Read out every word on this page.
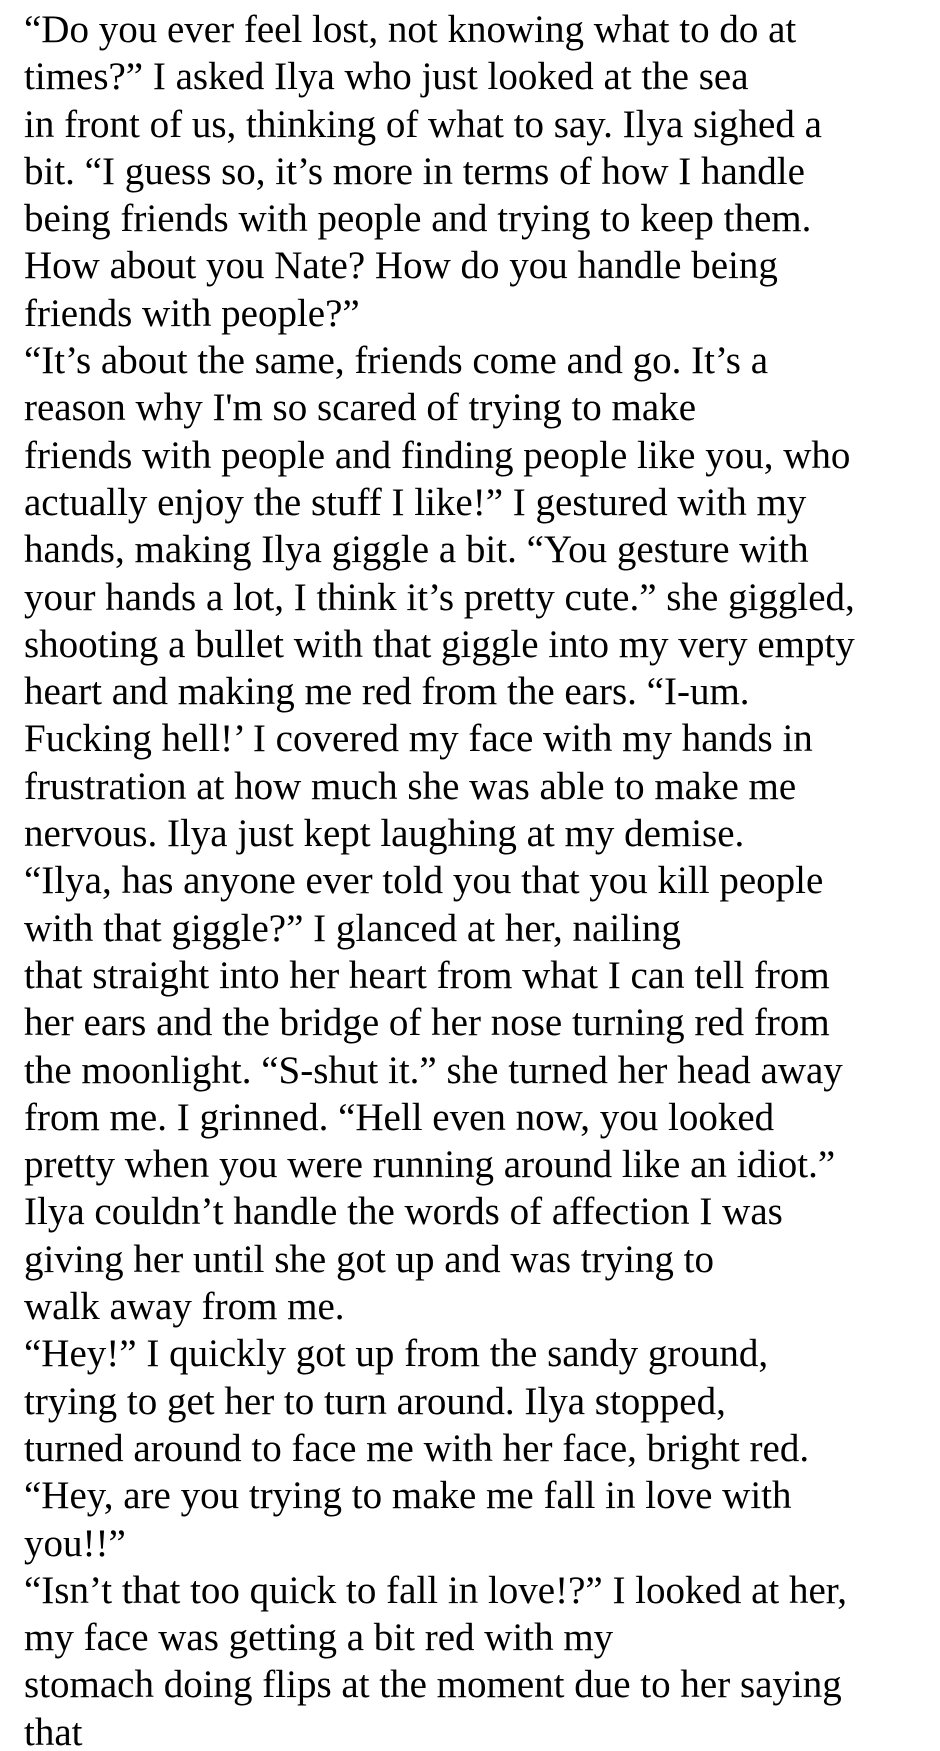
“Do you ever feel lost, not knowing what to do at
times?” I asked Ilya who just looked at the sea
in front of us, thinking of what to say. Ilya sighed a
bit. “I guess so, it’s more in terms of how I handle
being friends with people and trying to keep them.
How about you Nate? How do you handle being
friends with people?”
“It’s about the same, friends come and go. It’s a
reason why I'm so scared of trying to make
friends with people and finding people like you, who
actually enjoy the stuff I like!” I gestured with my
hands, making Ilya giggle a bit. “You gesture with
your hands a lot, I think it’s pretty cute.” she giggled,
shooting a bullet with that giggle into my very empty
heart and making me red from the ears. “I-um.
Fucking hell!’ I covered my face with my hands in
frustration at how much she was able to make me
nervous. Ilya just kept laughing at my demise.
“Ilya, has anyone ever told you that you kill people
with that giggle?” I glanced at her, nailing
that straight into her heart from what I can tell from
her ears and the bridge of her nose turning red from
the moonlight. “S-shut it.” she turned her head away
from me. I grinned. “Hell even now, you looked
pretty when you were running around like an idiot.”
Ilya couldn’t handle the words of affection I was
giving her until she got up and was trying to
walk away from me.
“Hey!” I quickly got up from the sandy ground,
trying to get her to turn around. Ilya stopped,
turned around to face me with her face, bright red.
“Hey, are you trying to make me fall in love with
you!!”
“Isn’t that too quick to fall in love!?” I looked at her,
my face was getting a bit red with my
stomach doing flips at the moment due to her saying
that
